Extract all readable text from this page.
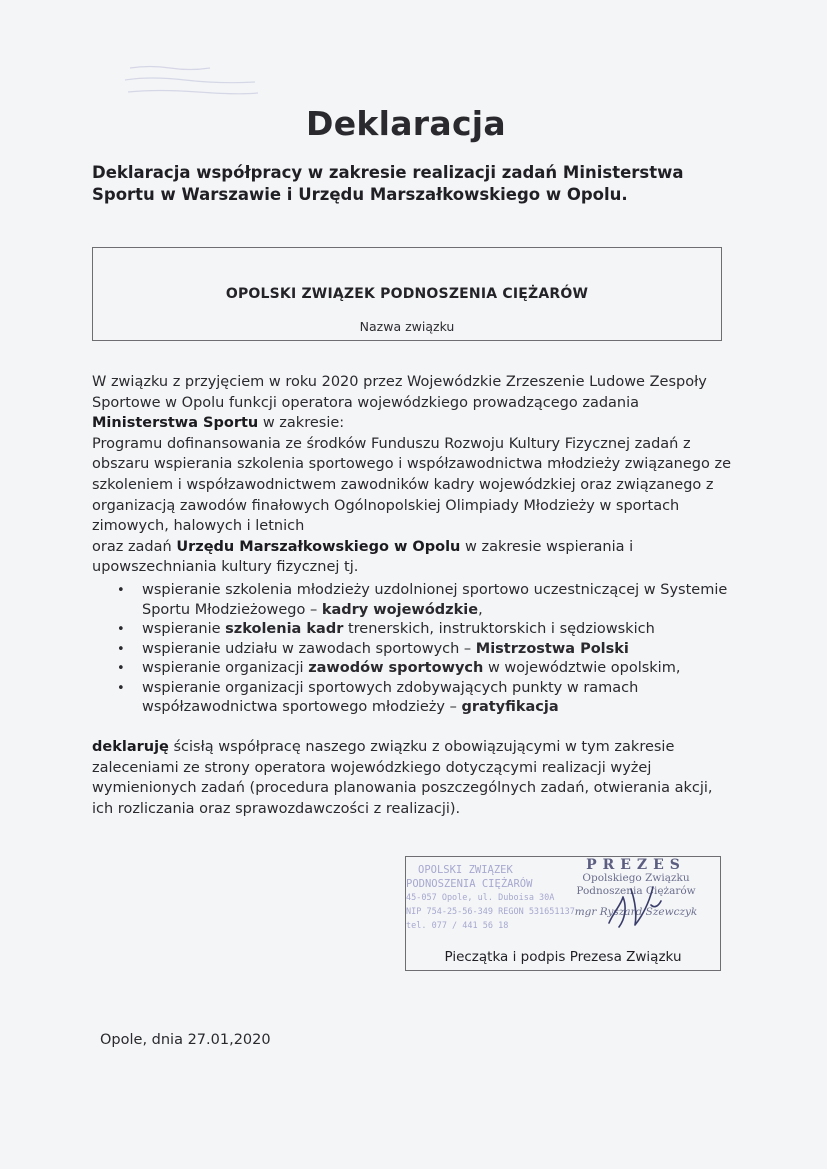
Deklaracja
Deklaracja współpracy w zakresie realizacji zadań Ministerstwa Sportu w Warszawie i Urzędu Marszałkowskiego w Opolu.
OPOLSKI ZWIĄZEK PODNOSZENIA CIĘŻARÓW
Nazwa związku
W związku z przyjęciem w roku 2020 przez Wojewódzkie Zrzeszenie Ludowe Zespoły Sportowe w Opolu funkcji operatora wojewódzkiego prowadzącego zadania Ministerstwa Sportu w zakresie:
Programu dofinansowania ze środków Funduszu Rozwoju Kultury Fizycznej zadań z obszaru wspierania szkolenia sportowego i współzawodnictwa młodzieży związanego ze szkoleniem i współzawodnictwem zawodników kadry wojewódzkiej oraz związanego z organizacją zawodów finałowych Ogólnopolskiej Olimpiady Młodzieży w sportach zimowych, halowych i letnich
oraz zadań Urzędu Marszałkowskiego w Opolu w zakresie wspierania i upowszechniania kultury fizycznej tj.
• wspieranie szkolenia młodzieży uzdolnionej sportowo uczestniczącej w Systemie Sportu Młodzieżowego – kadry wojewódzkie,
• wspieranie szkolenia kadr trenerskich, instruktorskich i sędziowskich
• wspieranie udziału w zawodach sportowych – Mistrzostwa Polski
• wspieranie organizacji zawodów sportowych w województwie opolskim,
• wspieranie organizacji sportowych zdobywających punkty w ramach współzawodnictwa sportowego młodzieży – gratyfikacja
deklaruję ścisłą współpracę naszego związku z obowiązującymi w tym zakresie zaleceniami ze strony operatora wojewódzkiego dotyczącymi realizacji wyżej wymienionych zadań (procedura planowania poszczególnych zadań, otwierania akcji, ich rozliczania oraz sprawozdawczości z realizacji).
OPOLSKI ZWIĄZEK
PODNOSZENIA CIĘŻARÓW
45-057 Opole, ul. Duboisa 30A
NIP 754-25-56-349 REGON 531651137
tel. 077 / 441 56 18
PREZES
Opolskiego Związku
Podnoszenia Ciężarów
mgr Ryszard Szewczyk
Pieczątka i podpis Prezesa Związku
Opole, dnia 27.01,2020
